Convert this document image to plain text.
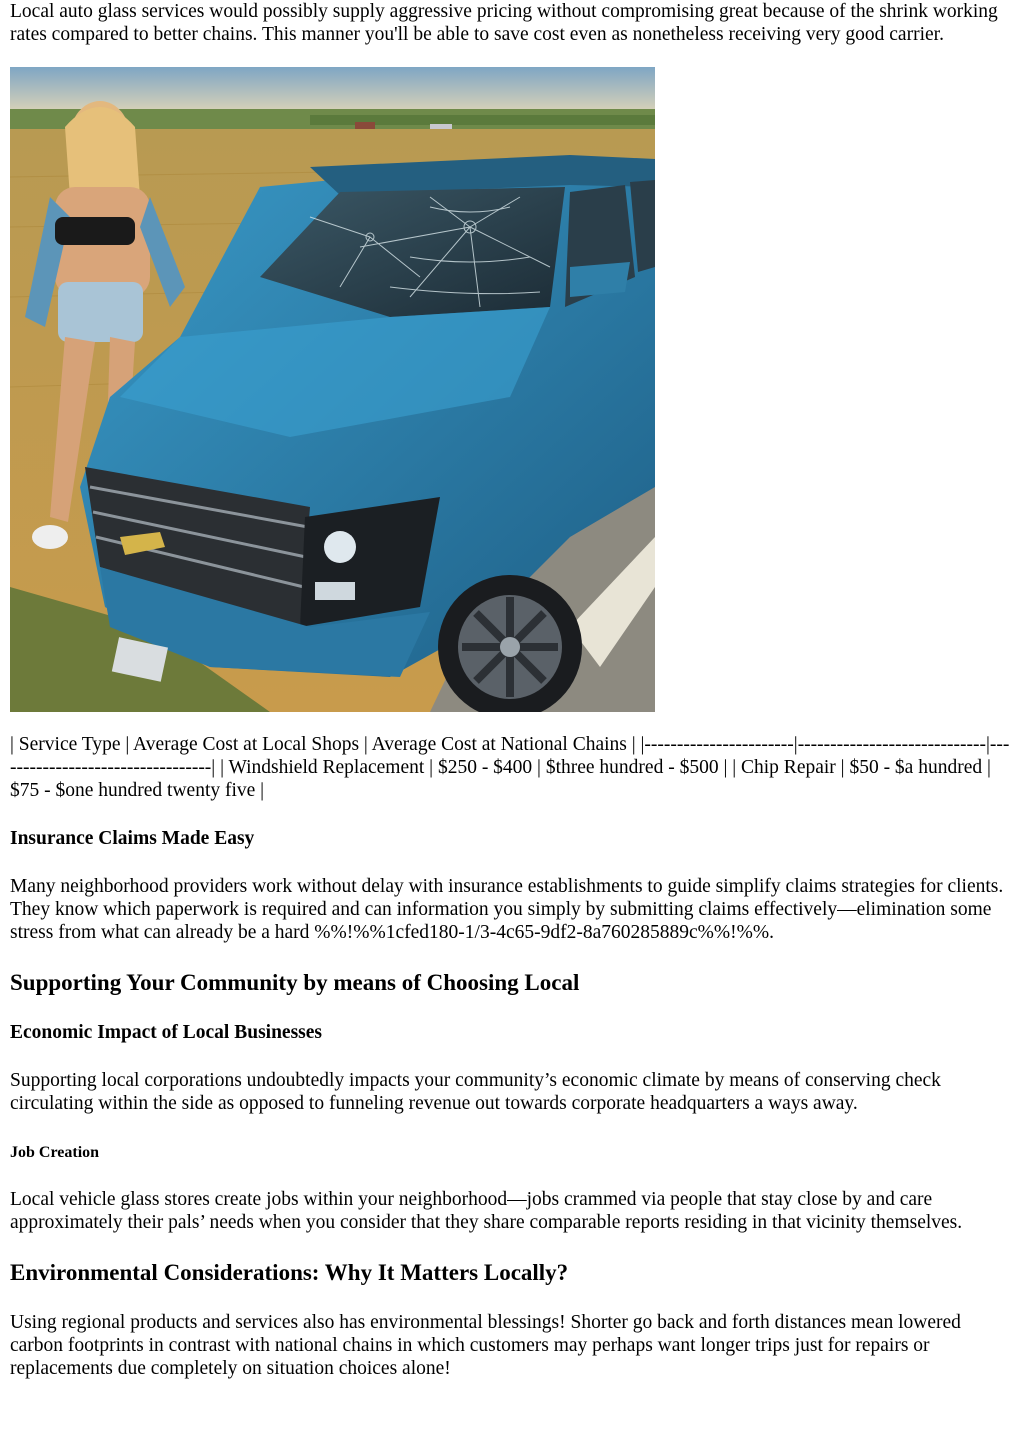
Local auto glass services would possibly supply aggressive pricing without compromising great because of the shrink working rates compared to better chains. This manner you'll be able to save cost even as nonetheless receiving very good carrier.

| Service Type | Average Cost at Local Shops | Average Cost at National Chains | |-----------------------|-----------------------------|----------------------------------| | Windshield Replacement | $250 - $400 | $three hundred - $500 | | Chip Repair | $50 - $a hundred | $75 - $one hundred twenty five |

Insurance Claims Made Easy

Many neighborhood providers work without delay with insurance establishments to guide simplify claims strategies for clients. They know which paperwork is required and can information you simply by submitting claims effectively—elimination some stress from what can already be a hard %%!%%1cfed180-1/3-4c65-9df2-8a760285889c%%!%%.

Supporting Your Community by means of Choosing Local
Economic Impact of Local Businesses

Supporting local corporations undoubtedly impacts your community’s economic climate by means of conserving check circulating within the side as opposed to funneling revenue out towards corporate headquarters a ways away.

Job Creation

Local vehicle glass stores create jobs within your neighborhood—jobs crammed via people that stay close by and care approximately their pals’ needs when you consider that they share comparable reports residing in that vicinity themselves.

Environmental Considerations: Why It Matters Locally?

Using regional products and services also has environmental blessings! Shorter go back and forth distances mean lowered carbon footprints in contrast with national chains in which customers may perhaps want longer trips just for repairs or replacements due completely on situation choices alone!
